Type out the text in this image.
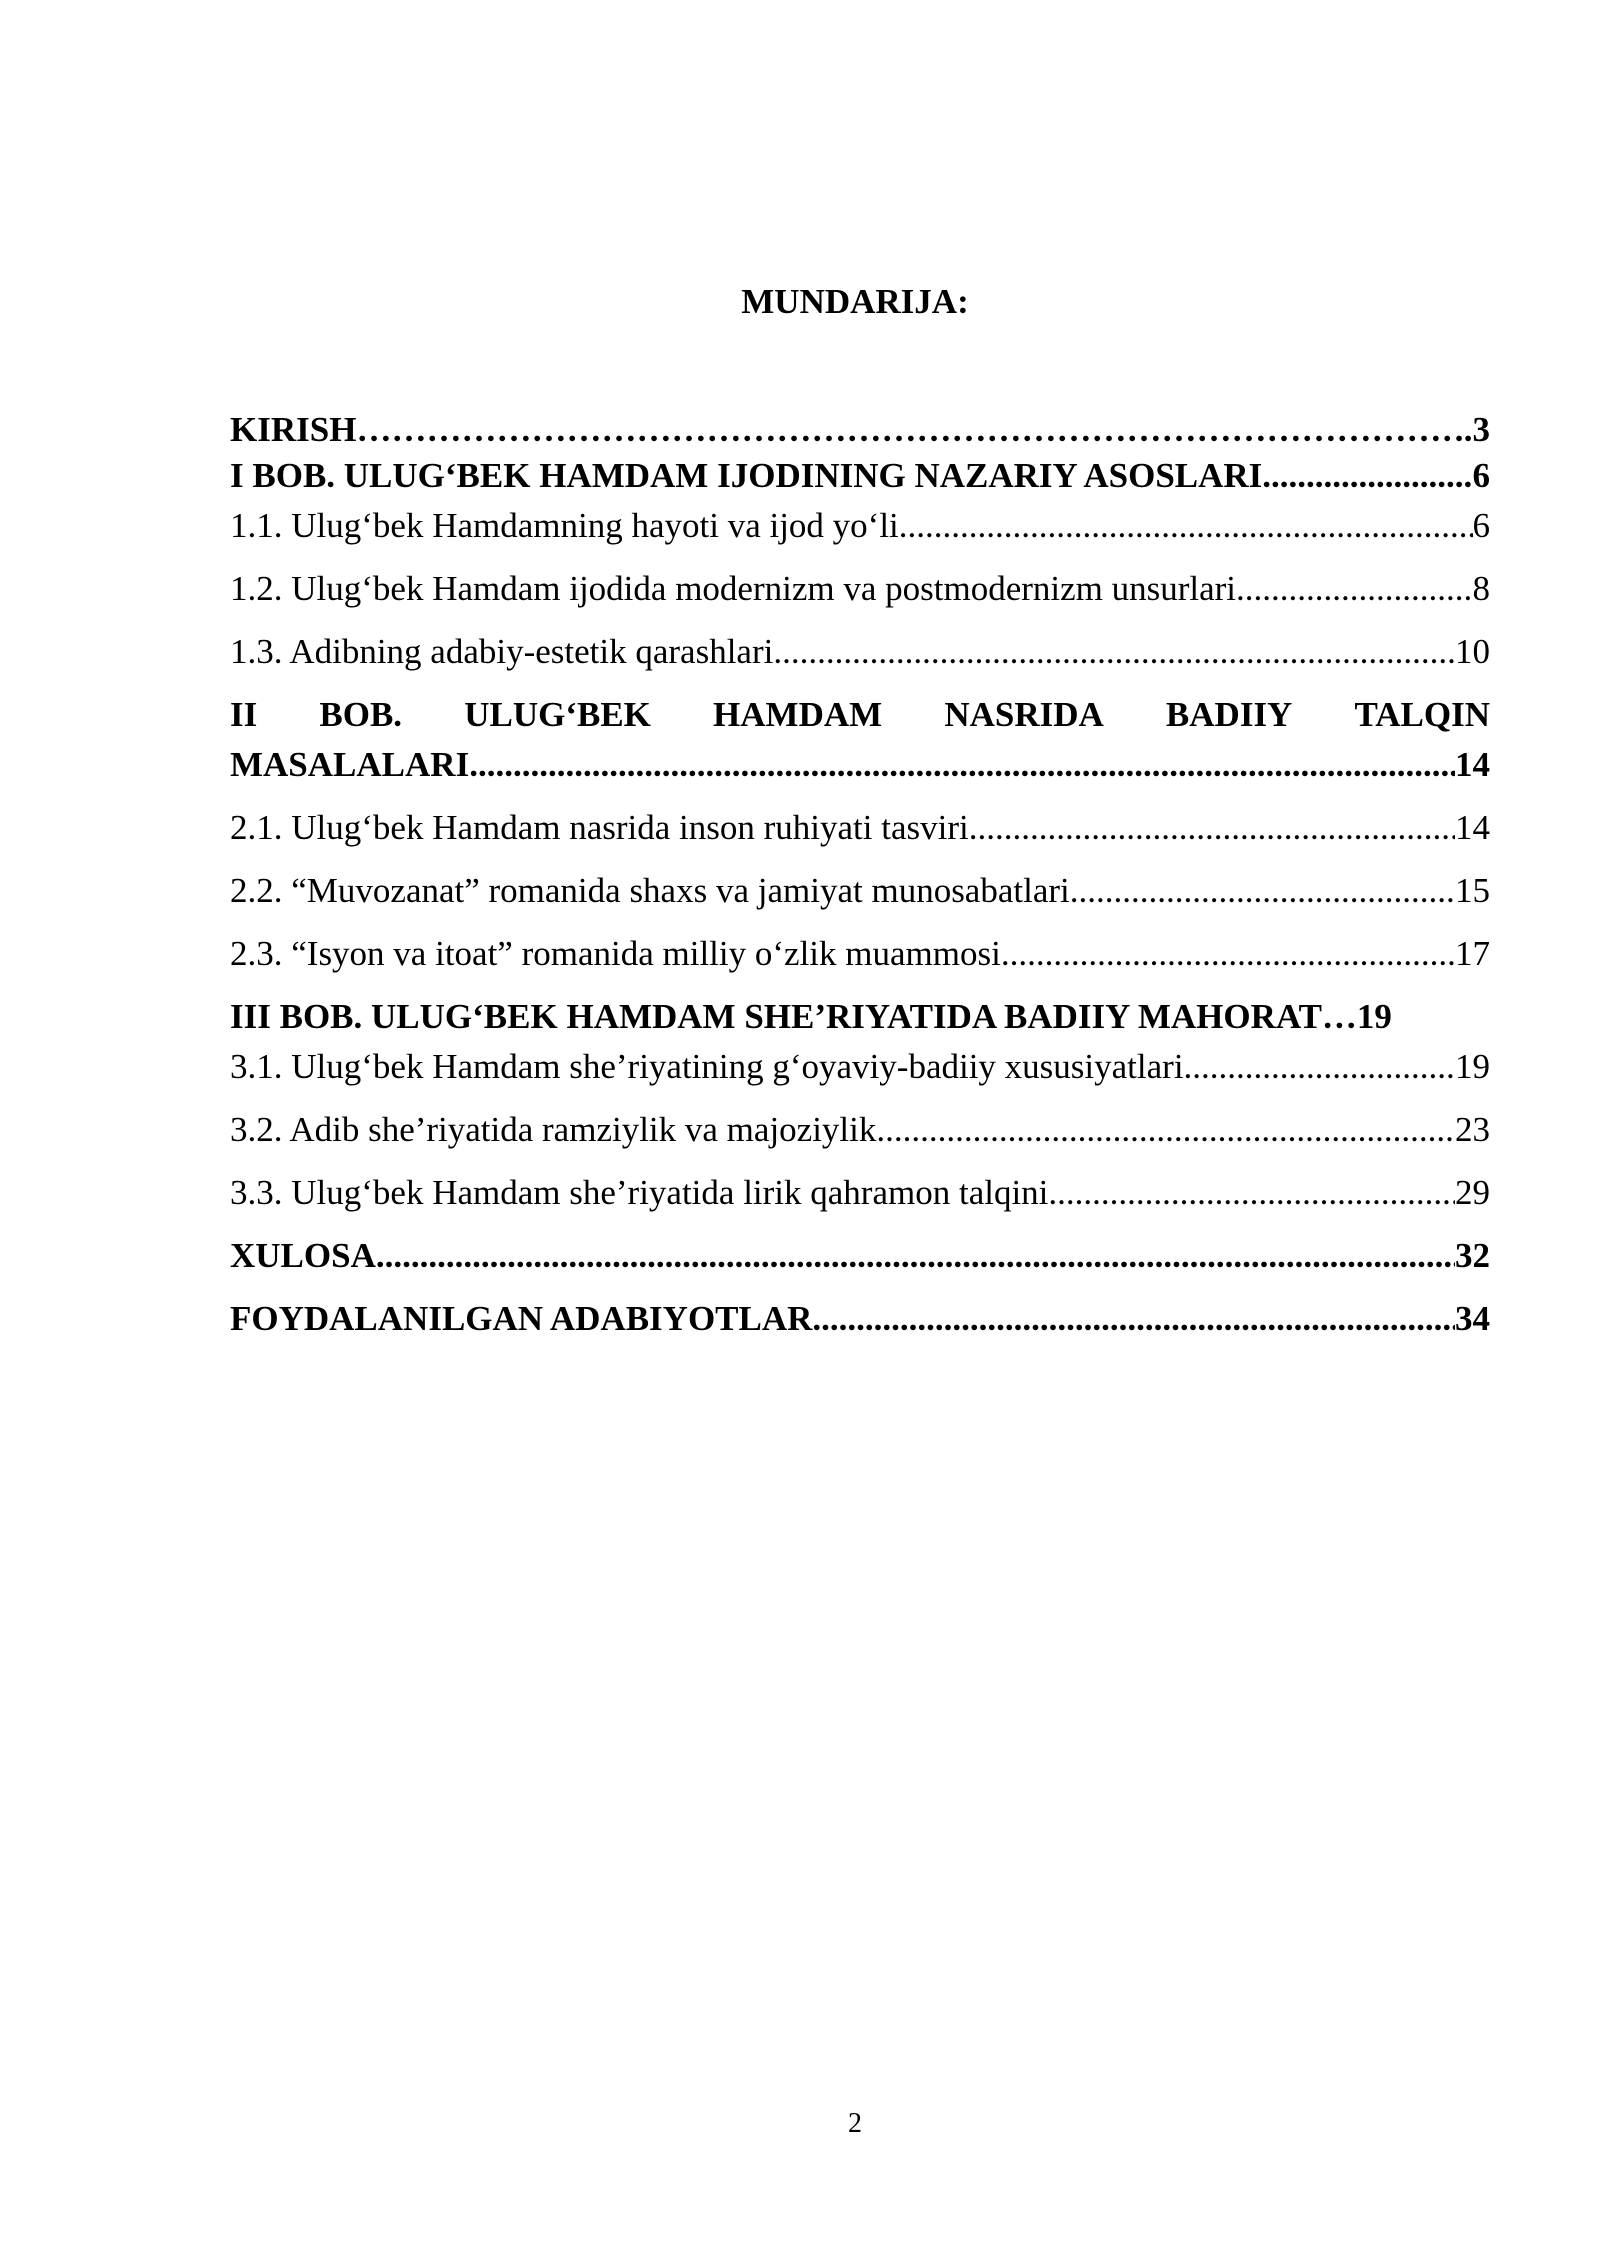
MUNDARIJA:
KIRISH ………………………………………………………………………………………………………………………………………………………………………………………	.3
I BOB. ULUG‘BEK HAMDAM IJODINING NAZARIY ASOSLARI .....	6
1.1. Ulug‘bek Hamdamning hayoti va ijod yo‘li .....	6
1.2. Ulug‘bek Hamdam ijodida modernizm va postmodernizm unsurlari .....	8
1.3. Adibning adabiy-estetik qarashlari .....	10
II BOB. ULUG‘BEK HAMDAM NASRIDA BADIIY TALQIN
MASALALARI .....	14
2.1. Ulug‘bek Hamdam nasrida inson ruhiyati tasviri .....	14
2.2. “Muvozanat” romanida shaxs va jamiyat munosabatlari .....	15
2.3. “Isyon va itoat” romanida milliy o‘zlik muammosi .....	17
III BOB. ULUG‘BEK HAMDAM SHE’RIYATIDA BADIIY MAHORAT…19
3.1. Ulug‘bek Hamdam she’riyatining g‘oyaviy-badiiy xususiyatlari .....	19
3.2. Adib she’riyatida ramziylik va majoziylik .....	23
3.3. Ulug‘bek Hamdam she’riyatida lirik qahramon talqini .....	29
XULOSA .....	32
FOYDALANILGAN ADABIYOTLAR .....	34
2
